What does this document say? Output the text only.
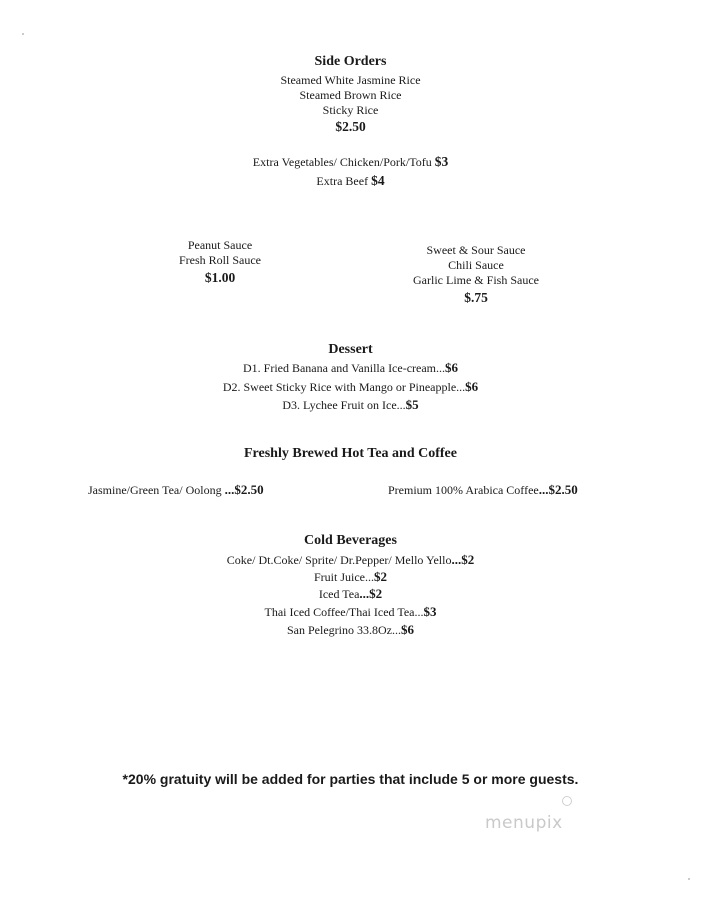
Side Orders
Steamed White Jasmine Rice
Steamed Brown Rice
Sticky Rice
$2.50
Extra Vegetables/ Chicken/Pork/Tofu $3
Extra Beef $4
Peanut Sauce
Fresh Roll Sauce
$1.00
Sweet & Sour Sauce
Chili Sauce
Garlic Lime & Fish Sauce
$.75
Dessert
D1. Fried Banana and Vanilla Ice-cream...$6
D2. Sweet Sticky Rice with Mango or Pineapple...$6
D3. Lychee Fruit on Ice...$5
Freshly Brewed Hot Tea and Coffee
Jasmine/Green Tea/ Oolong ...$2.50	Premium 100% Arabica Coffee...$2.50
Cold Beverages
Coke/ Dt.Coke/ Sprite/ Dr.Pepper/ Mello Yello...$2
Fruit Juice...$2
Iced Tea...$2
Thai Iced Coffee/Thai Iced Tea...$3
San Pelegrino 33.8Oz...$6
*20% gratuity will be added for parties that include 5 or more guests.
menupix
